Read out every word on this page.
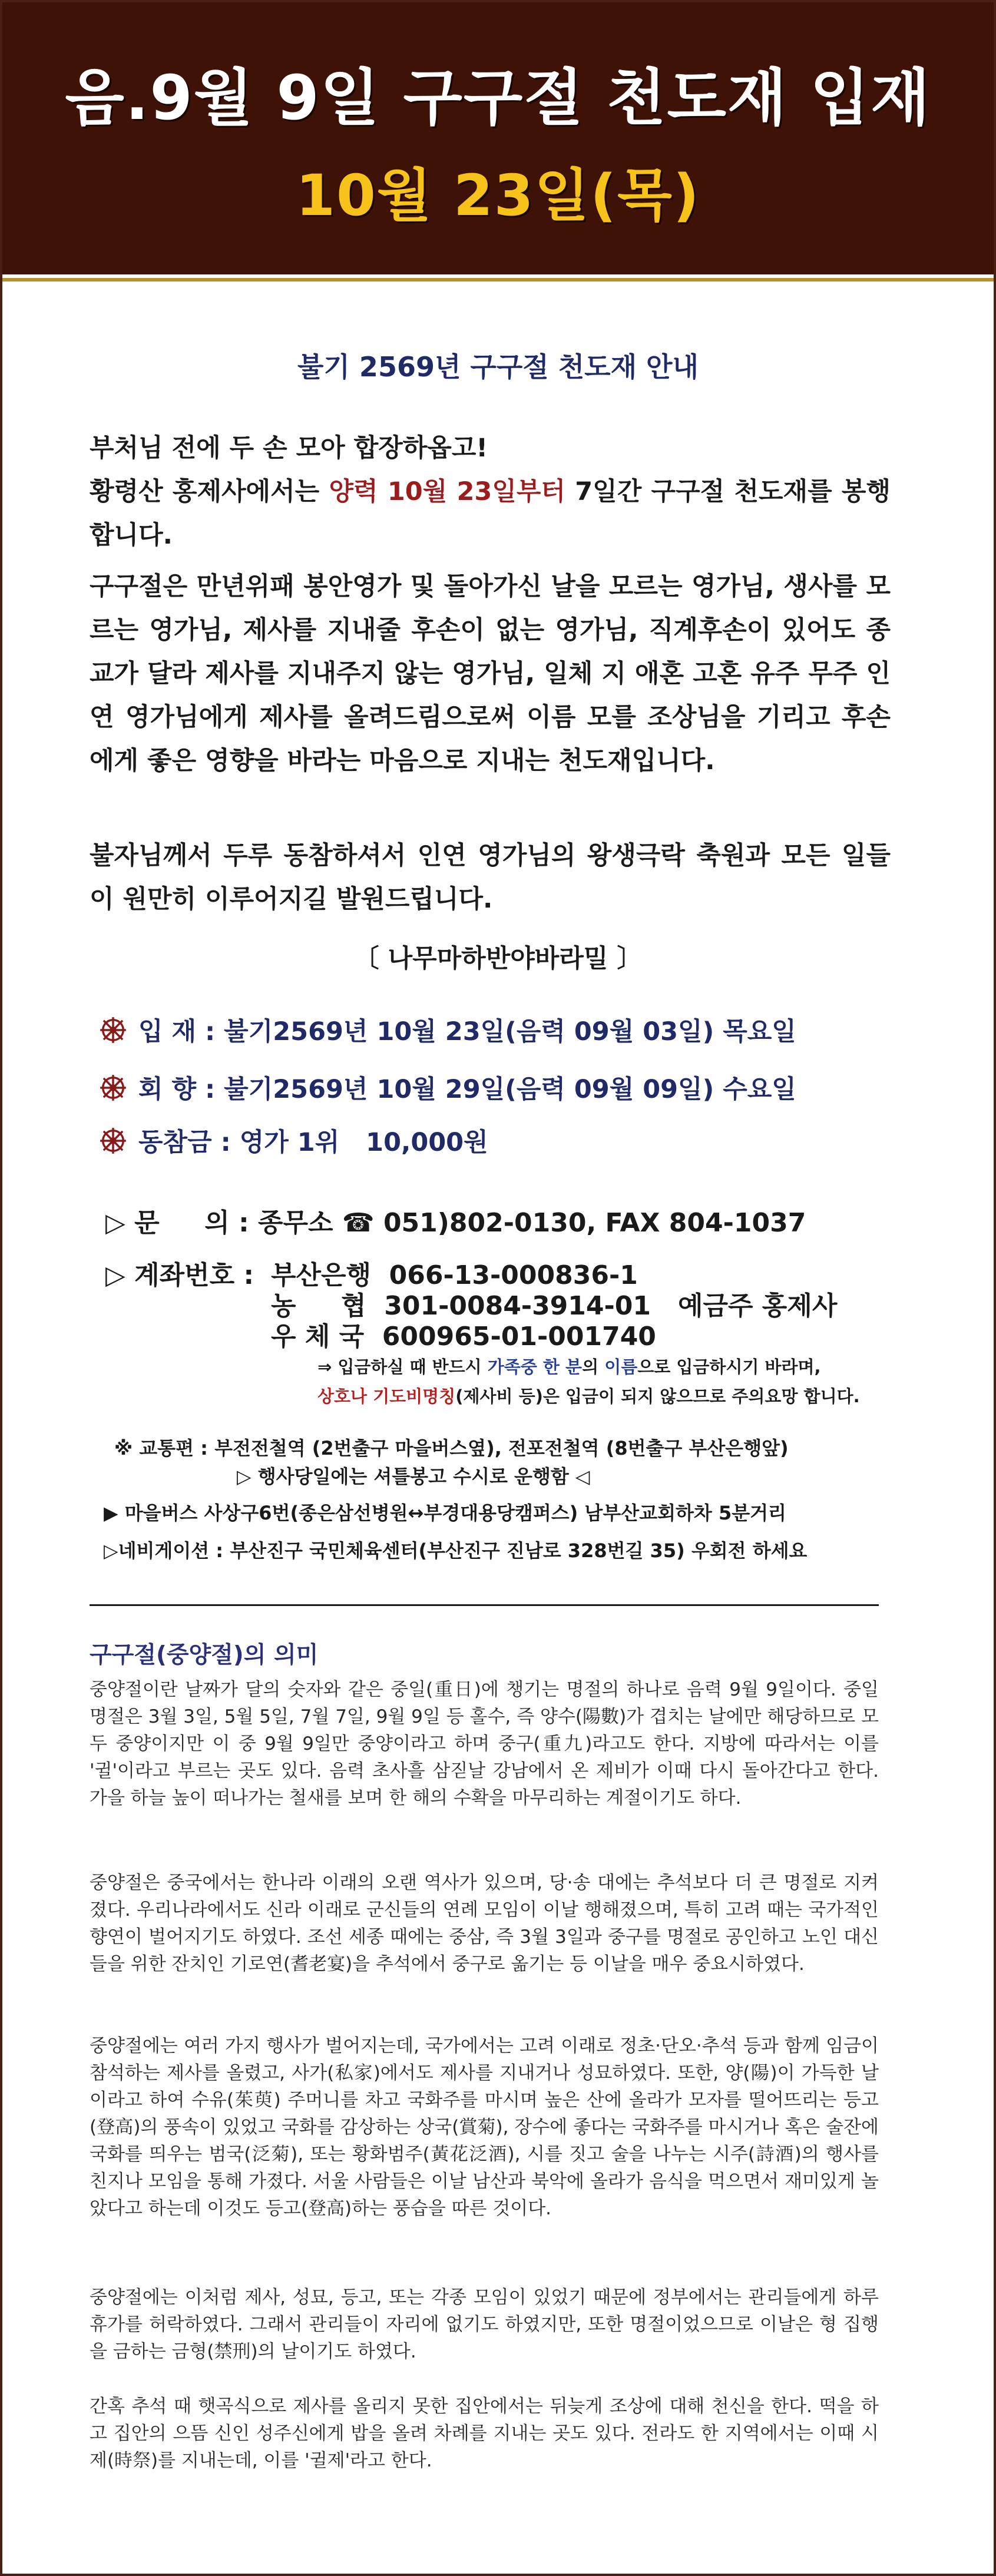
음.9월 9일 구구절 천도재 입재
10월 23일(목)
불기 2569년 구구절 천도재 안내
부처님 전에 두 손 모아 합장하옵고!
황령산 홍제사에서는 양력 10월 23일부터 7일간 구구절 천도재를 봉행합니다.
구구절은 만년위패 봉안영가 및 돌아가신 날을 모르는 영가님, 생사를 모르는 영가님, 제사를 지내줄 후손이 없는 영가님, 직계후손이 있어도 종교가 달라 제사를 지내주지 않는 영가님, 일체 지 애혼 고혼 유주 무주 인연 영가님에게 제사를 올려드림으로써 이름 모를 조상님을 기리고 후손에게 좋은 영향을 바라는 마음으로 지내는 천도재입니다.
불자님께서 두루 동참하셔서 인연 영가님의 왕생극락 축원과 모든 일들이 원만히 이루어지길 발원드립니다.
〔 나무마하반야바라밀 〕
입 재 : 불기2569년 10월 23일(음력 09월 03일) 목요일
회 향 : 불기2569년 10월 29일(음력 09월 09일) 수요일
동참금 : 영가 1위   10,000원
▷ 문     의 : 종무소 ☎ 051)802-0130, FAX 804-1037
▷ 계좌번호 : 부산은행  066-13-000836-1
농     협  301-0084-3914-01   예금주 홍제사
우 체 국  600965-01-001740
⇒ 입금하실 때 반드시 가족중 한 분의 이름으로 입금하시기 바라며,
상호나 기도비명칭(제사비 등)은 입금이 되지 않으므로 주의요망 합니다.
※ 교통편 : 부전전철역 (2번출구 마을버스옆), 전포전철역 (8번출구 부산은행앞)
▷ 행사당일에는 셔틀봉고 수시로 운행함 ◁
▶ 마을버스 사상구6번(종은삼선병원↔부경대용당캠퍼스) 남부산교회하차 5분거리
▷네비게이션 : 부산진구 국민체육센터(부산진구 진남로 328번길 35) 우회전 하세요
구구절(중양절)의 의미
중양절이란 날짜가 달의 숫자와 같은 중일(重日)에 챙기는 명절의 하나로 음력 9월 9일이다. 중일 명절은 3월 3일, 5월 5일, 7월 7일, 9월 9일 등 홀수, 즉 양수(陽數)가 겹치는 날에만 해당하므로 모두 중양이지만 이 중 9월 9일만 중양이라고 하며 중구(重九)라고도 한다. 지방에 따라서는 이를 '귈'이라고 부르는 곳도 있다. 음력 초사흘 삼짇날 강남에서 온 제비가 이때 다시 돌아간다고 한다. 가을 하늘 높이 떠나가는 철새를 보며 한 해의 수확을 마무리하는 계절이기도 하다.
중양절은 중국에서는 한나라 이래의 오랜 역사가 있으며, 당·송 대에는 추석보다 더 큰 명절로 지켜졌다. 우리나라에서도 신라 이래로 군신들의 연례 모임이 이날 행해졌으며, 특히 고려 때는 국가적인 향연이 벌어지기도 하였다. 조선 세종 때에는 중삼, 즉 3월 3일과 중구를 명절로 공인하고 노인 대신들을 위한 잔치인 기로연(耆老宴)을 추석에서 중구로 옮기는 등 이날을 매우 중요시하였다.
중양절에는 여러 가지 행사가 벌어지는데, 국가에서는 고려 이래로 정초·단오·추석 등과 함께 임금이 참석하는 제사를 올렸고, 사가(私家)에서도 제사를 지내거나 성묘하였다. 또한, 양(陽)이 가득한 날이라고 하여 수유(茱萸) 주머니를 차고 국화주를 마시며 높은 산에 올라가 모자를 떨어뜨리는 등고(登高)의 풍속이 있었고 국화를 감상하는 상국(賞菊), 장수에 좋다는 국화주를 마시거나 혹은 술잔에 국화를 띄우는 범국(泛菊), 또는 황화범주(黃花泛酒), 시를 짓고 술을 나누는 시주(詩酒)의 행사를 친지나 모임을 통해 가졌다. 서울 사람들은 이날 남산과 북악에 올라가 음식을 먹으면서 재미있게 놀았다고 하는데 이것도 등고(登高)하는 풍습을 따른 것이다.
중양절에는 이처럼 제사, 성묘, 등고, 또는 각종 모임이 있었기 때문에 정부에서는 관리들에게 하루 휴가를 허락하였다. 그래서 관리들이 자리에 없기도 하였지만, 또한 명절이었으므로 이날은 형 집행을 금하는 금형(禁刑)의 날이기도 하였다.
간혹 추석 때 햇곡식으로 제사를 올리지 못한 집안에서는 뒤늦게 조상에 대해 천신을 한다. 떡을 하고 집안의 으뜸 신인 성주신에게 밥을 올려 차례를 지내는 곳도 있다. 전라도 한 지역에서는 이때 시제(時祭)를 지내는데, 이를 '귈제'라고 한다.
